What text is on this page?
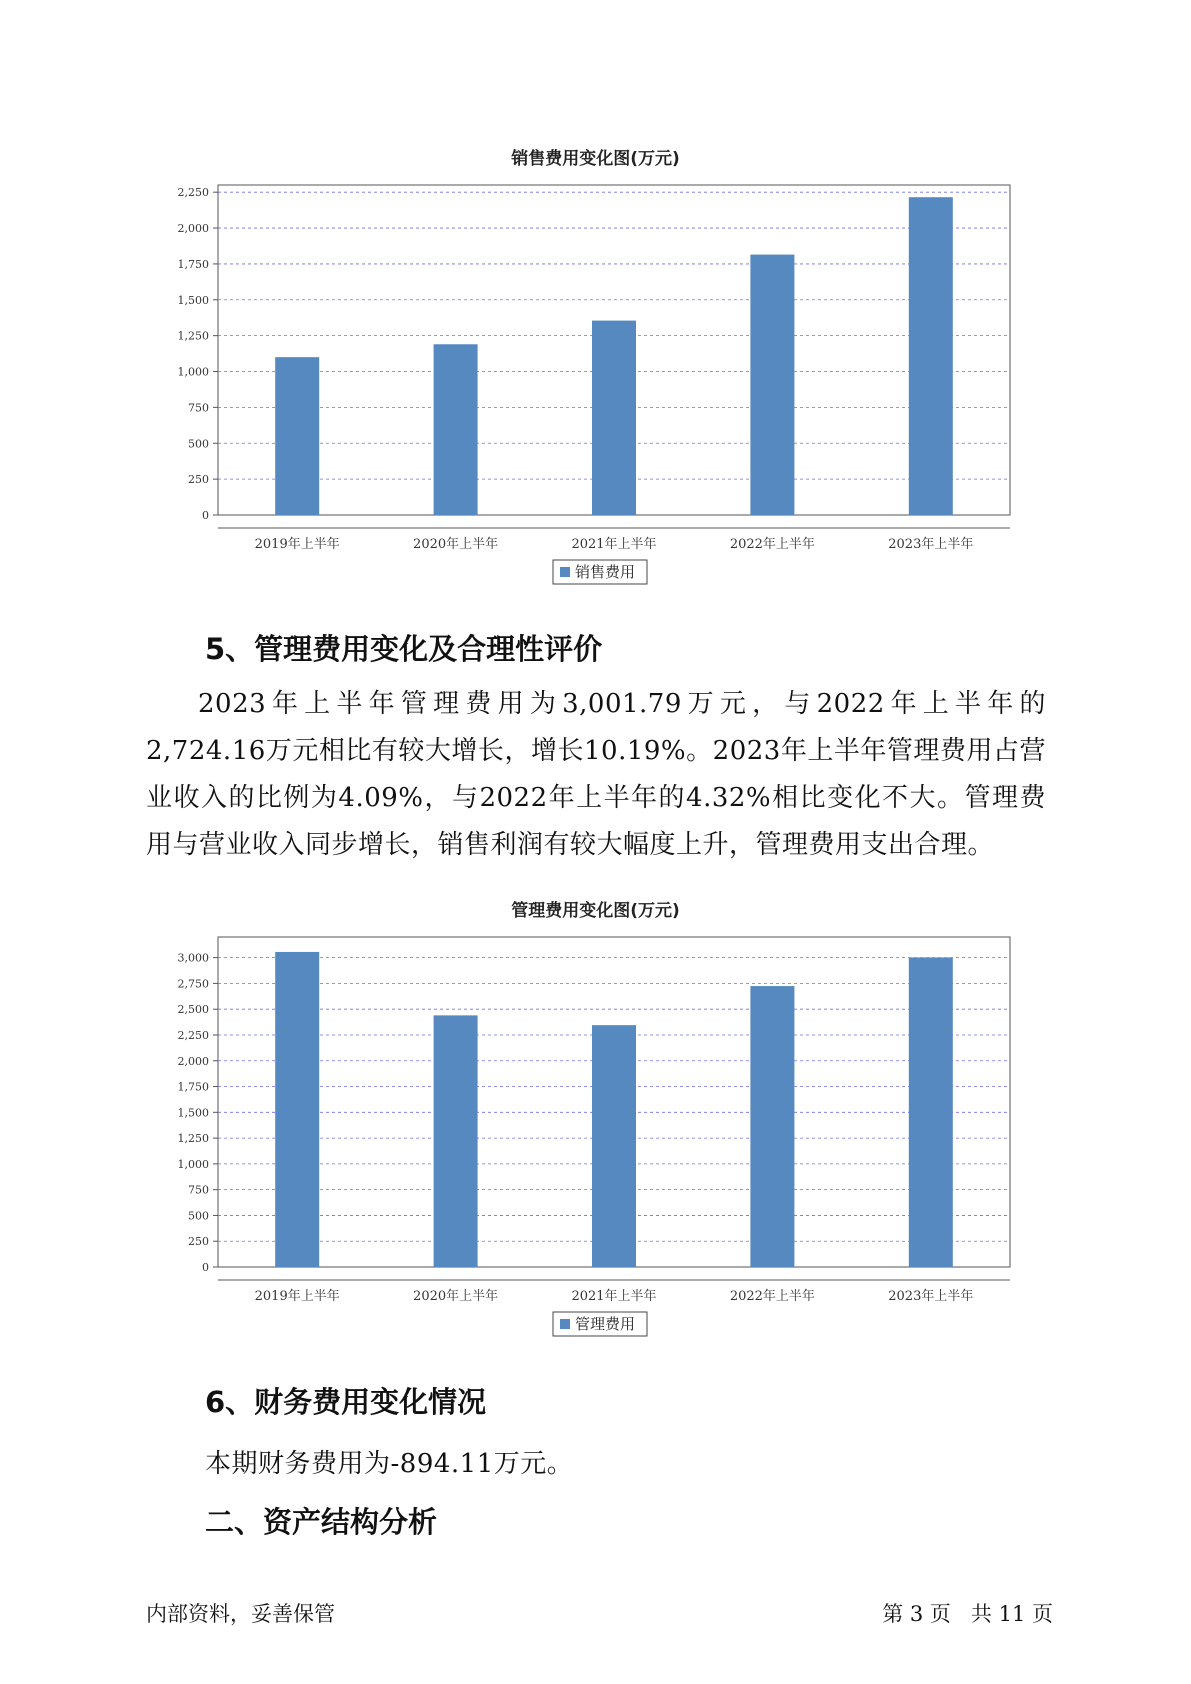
销售费用变化图(万元)
0
250
500
750
1,000
1,250
1,500
1,750
2,000
2,250
2019年上半年	2020年上半年	2021年上半年	2022年上半年	2023年上半年
销售费用
5、管理费用变化及合理性评价

2023年上半年管理费用为3,001.79万元，与2022年上半年的2,724.16万元相比有较大增长，增长10.19%。2023年上半年管理费用占营业收入的比例为4.09%，与2022年上半年的4.32%相比变化不大。管理费用与营业收入同步增长，销售利润有较大幅度上升，管理费用支出合理。

管理费用变化图(万元)
0
250
500
750
1,000
1,250
1,500
1,750
2,000
2,250
2,500
2,750
3,000
2019年上半年	2020年上半年	2021年上半年	2022年上半年	2023年上半年
管理费用
6、财务费用变化情况
本期财务费用为-894.11万元。
二、资产结构分析
内部资料，妥善保管	第 3 页   共 11 页
